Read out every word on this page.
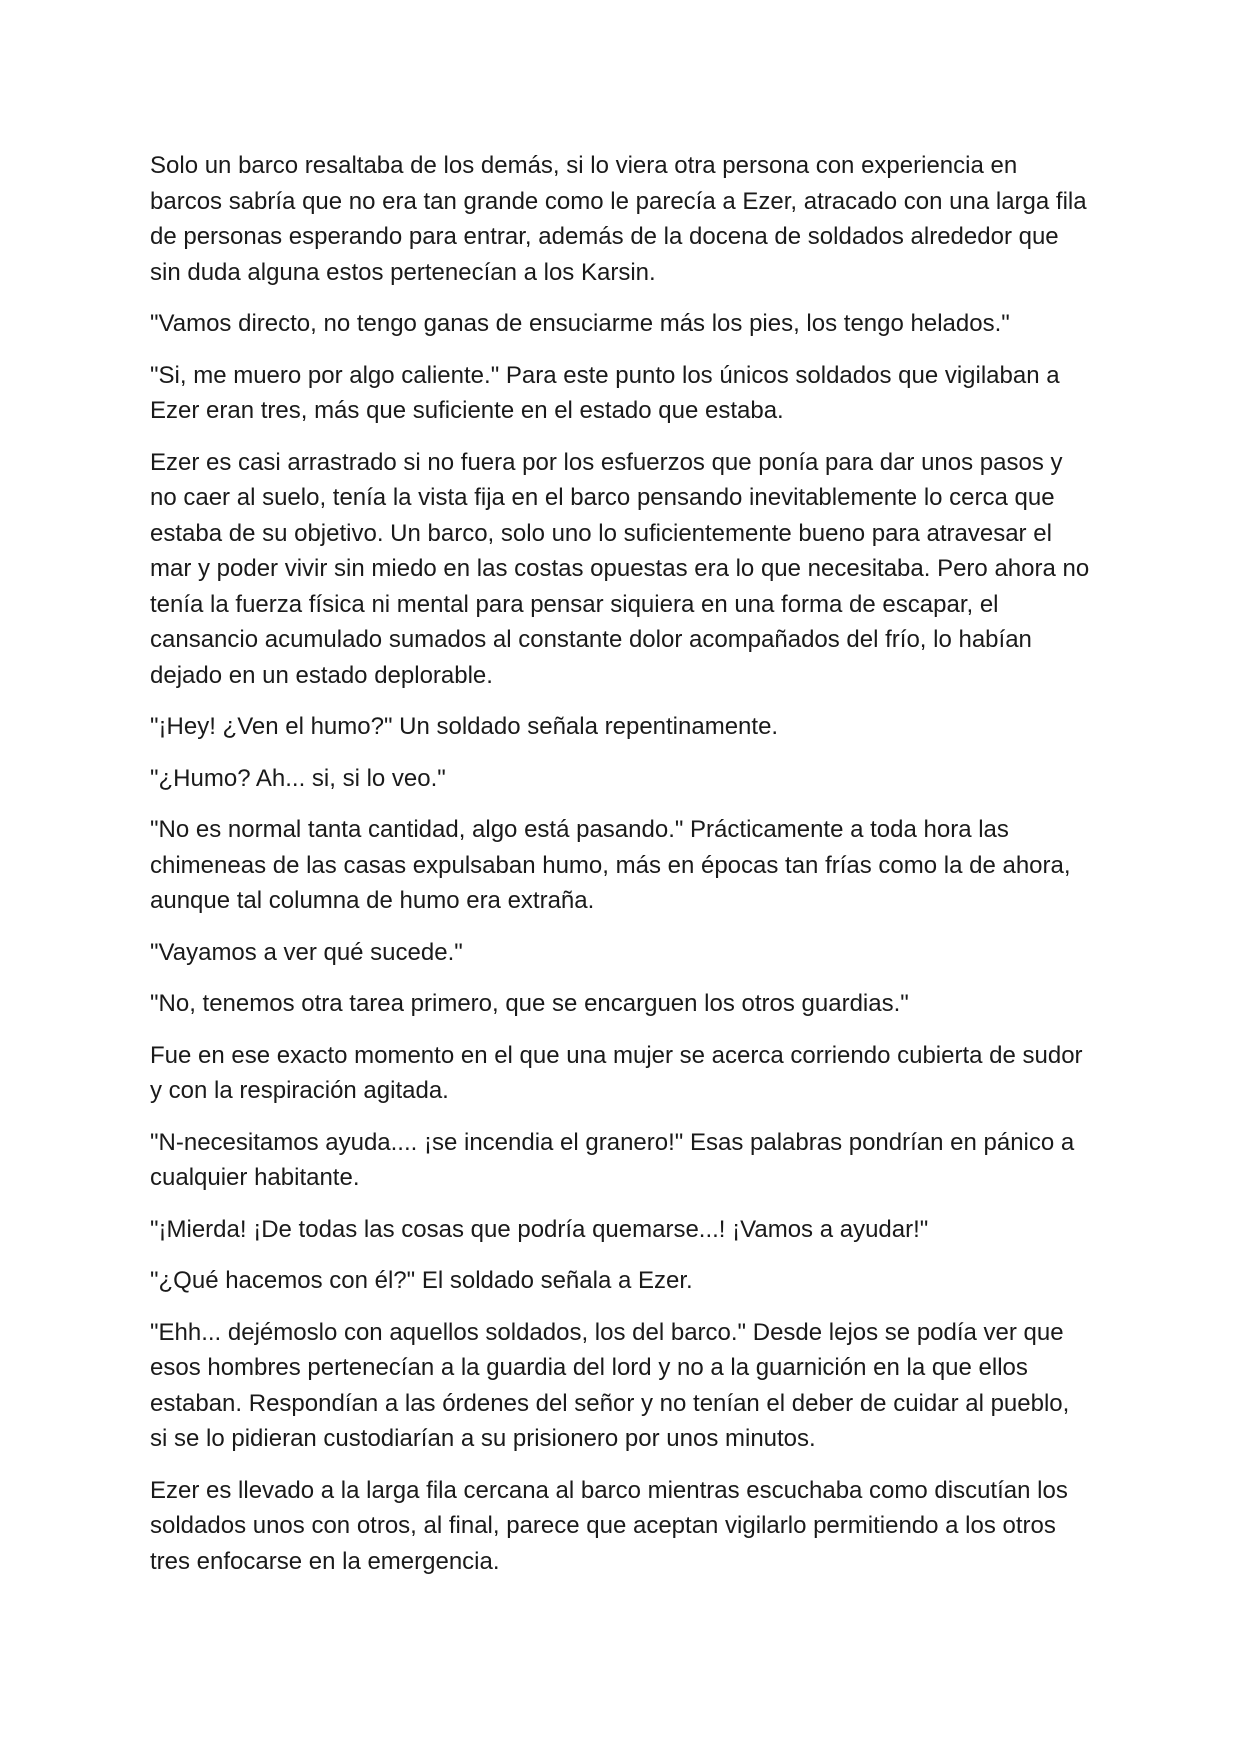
Solo un barco resaltaba de los demás, si lo viera otra persona con experiencia en barcos sabría que no era tan grande como le parecía a Ezer, atracado con una larga fila de personas esperando para entrar, además de la docena de soldados alrededor que sin duda alguna estos pertenecían a los Karsin.

"Vamos directo, no tengo ganas de ensuciarme más los pies, los tengo helados."

"Si, me muero por algo caliente." Para este punto los únicos soldados que vigilaban a Ezer eran tres, más que suficiente en el estado que estaba.

Ezer es casi arrastrado si no fuera por los esfuerzos que ponía para dar unos pasos y no caer al suelo, tenía la vista fija en el barco pensando inevitablemente lo cerca que estaba de su objetivo. Un barco, solo uno lo suficientemente bueno para atravesar el mar y poder vivir sin miedo en las costas opuestas era lo que necesitaba. Pero ahora no tenía la fuerza física ni mental para pensar siquiera en una forma de escapar, el cansancio acumulado sumados al constante dolor acompañados del frío, lo habían dejado en un estado deplorable.

"¡Hey! ¿Ven el humo?" Un soldado señala repentinamente.

"¿Humo? Ah... si, si lo veo."

"No es normal tanta cantidad, algo está pasando." Prácticamente a toda hora las chimeneas de las casas expulsaban humo, más en épocas tan frías como la de ahora, aunque tal columna de humo era extraña.

"Vayamos a ver qué sucede."

"No, tenemos otra tarea primero, que se encarguen los otros guardias."

Fue en ese exacto momento en el que una mujer se acerca corriendo cubierta de sudor y con la respiración agitada.

"N-necesitamos ayuda.... ¡se incendia el granero!" Esas palabras pondrían en pánico a cualquier habitante.

"¡Mierda! ¡De todas las cosas que podría quemarse...! ¡Vamos a ayudar!"

"¿Qué hacemos con él?" El soldado señala a Ezer.

"Ehh... dejémoslo con aquellos soldados, los del barco." Desde lejos se podía ver que esos hombres pertenecían a la guardia del lord y no a la guarnición en la que ellos estaban. Respondían a las órdenes del señor y no tenían el deber de cuidar al pueblo, si se lo pidieran custodiarían a su prisionero por unos minutos.

Ezer es llevado a la larga fila cercana al barco mientras escuchaba como discutían los soldados unos con otros, al final, parece que aceptan vigilarlo permitiendo a los otros tres enfocarse en la emergencia.
